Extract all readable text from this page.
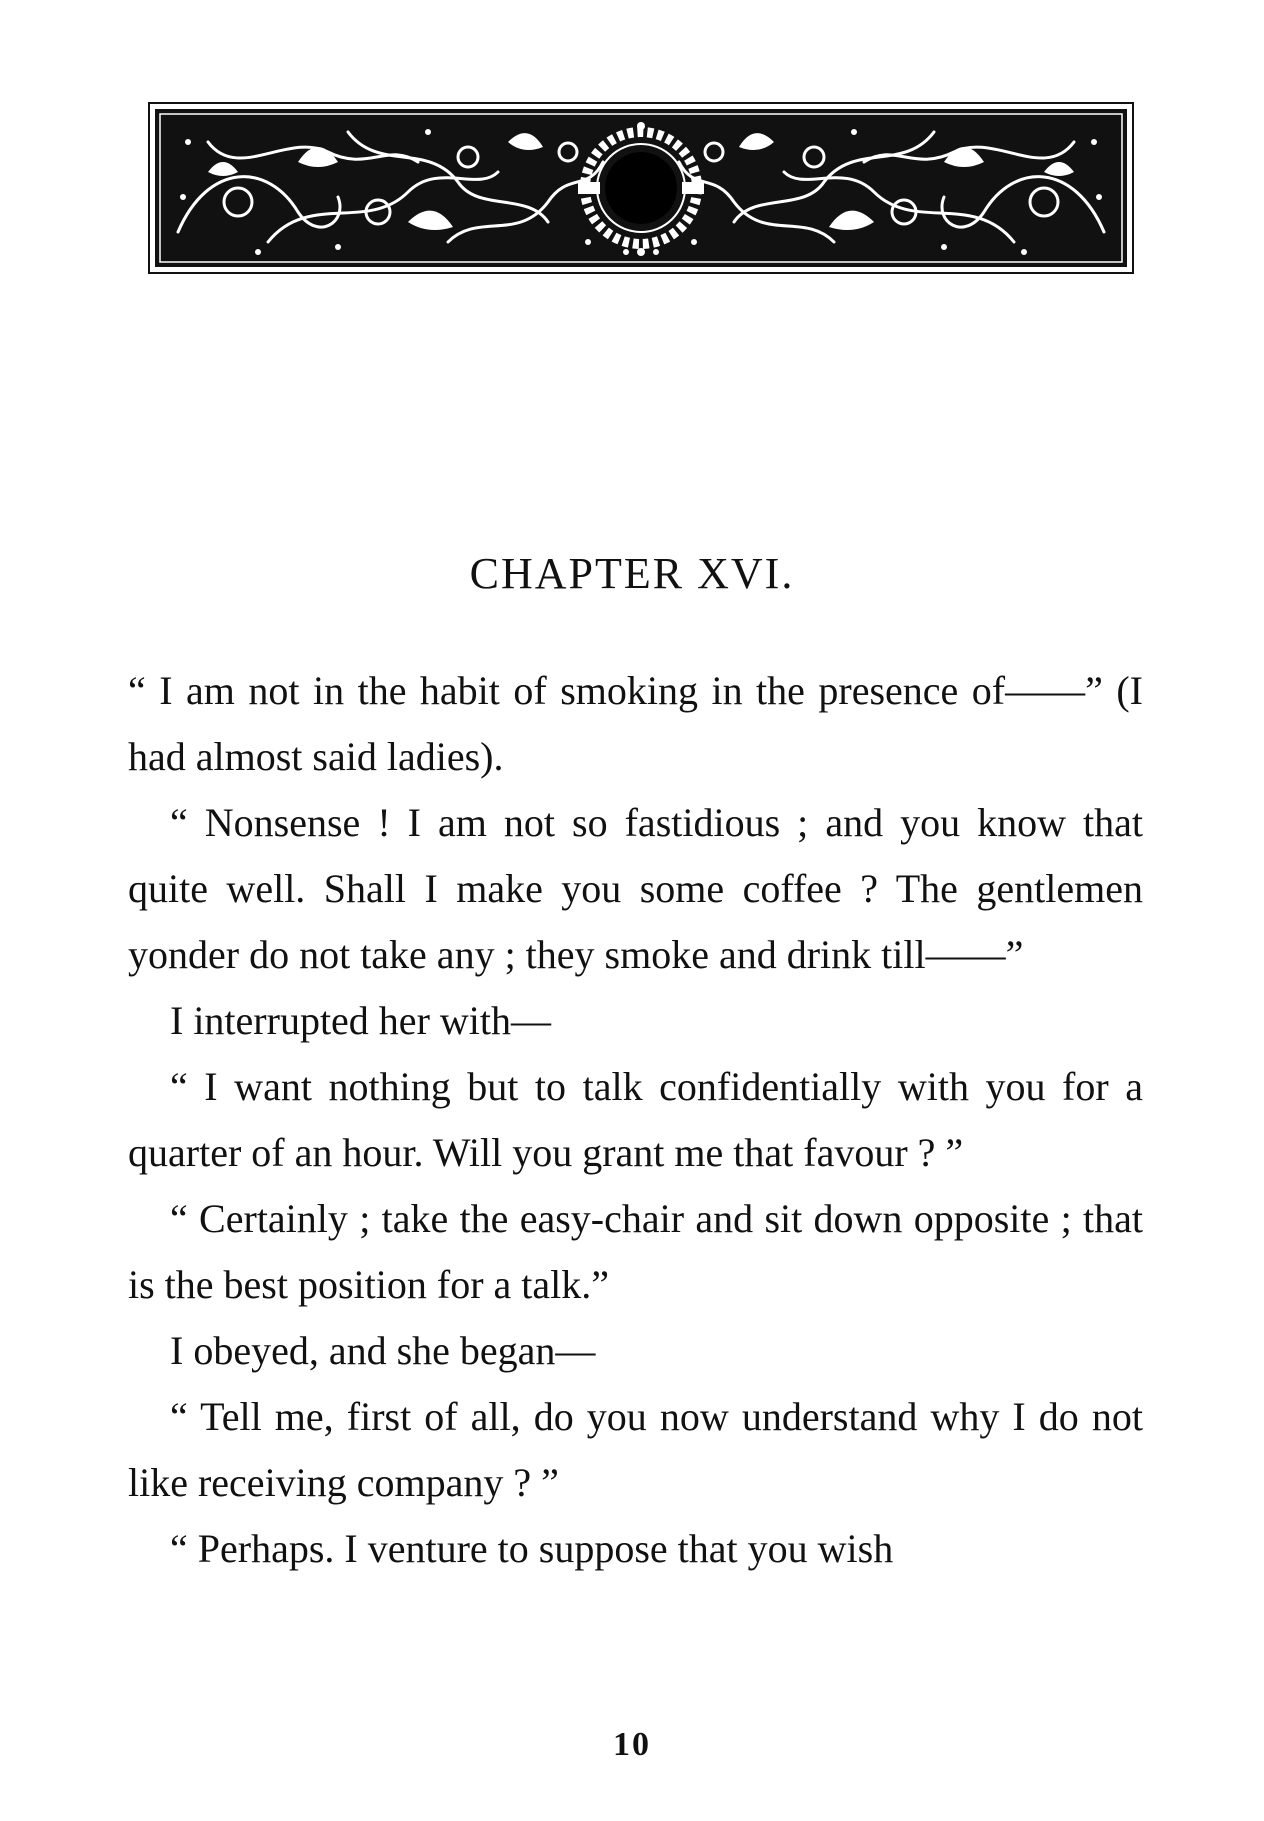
CHAPTER XVI.

“ I am not in the habit of smoking in the presence of——” (I had almost said ladies).

“ Nonsense ! I am not so fastidious ; and you know that quite well. Shall I make you some coffee ? The gentlemen yonder do not take any ; they smoke and drink till——”

I interrupted her with—

“ I want nothing but to talk confidentially with you for a quarter of an hour. Will you grant me that favour ? ”

“ Certainly ; take the easy-chair and sit down opposite ; that is the best position for a talk.”

I obeyed, and she began—

“ Tell me, first of all, do you now understand why I do not like receiving company ? ”

“ Perhaps. I venture to suppose that you wish

10
